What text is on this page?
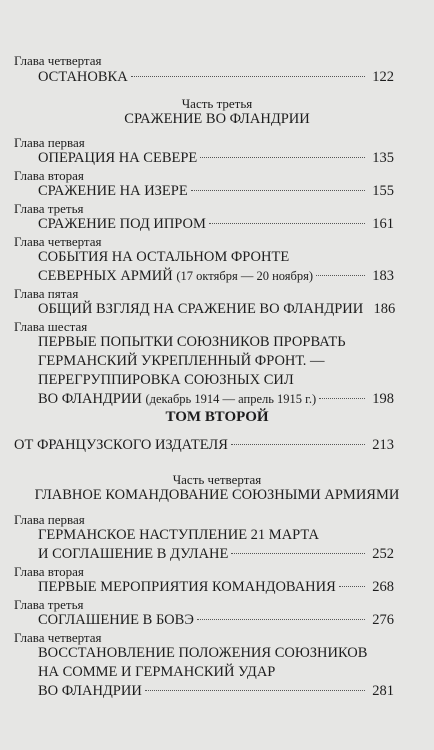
Глава четвертая
ОСТАНОВКА	122
Часть третья
СРАЖЕНИЕ ВО ФЛАНДРИИ
Глава первая
ОПЕРАЦИЯ НА СЕВЕРЕ	135
Глава вторая
СРАЖЕНИЕ НА ИЗЕРЕ	155
Глава третья
СРАЖЕНИЕ ПОД ИПРОМ	161
Глава четвертая
СОБЫТИЯ НА ОСТАЛЬНОМ ФРОНТЕ
СЕВЕРНЫХ АРМИЙ (17 октября — 20 ноября)	183
Глава пятая
ОБЩИЙ ВЗГЛЯД НА СРАЖЕНИЕ ВО ФЛАНДРИИ 186
Глава шестая
ПЕРВЫЕ ПОПЫТКИ СОЮЗНИКОВ ПРОРВАТЬ
ГЕРМАНСКИЙ УКРЕПЛЕННЫЙ ФРОНТ. —
ПЕРЕГРУППИРОВКА СОЮЗНЫХ СИЛ
ВО ФЛАНДРИИ (декабрь 1914 — апрель 1915 г.)	198
ТОМ ВТОРОЙ
ОТ ФРАНЦУЗСКОГО ИЗДАТЕЛЯ	213
Часть четвертая
ГЛАВНОЕ КОМАНДОВАНИЕ СОЮЗНЫМИ АРМИЯМИ
Глава первая
ГЕРМАНСКОЕ НАСТУПЛЕНИЕ 21 МАРТА
И СОГЛАШЕНИЕ В ДУЛАНЕ	252
Глава вторая
ПЕРВЫЕ МЕРОПРИЯТИЯ КОМАНДОВАНИЯ	268
Глава третья
СОГЛАШЕНИЕ В БОВЭ	276
Глава четвертая
ВОССТАНОВЛЕНИЕ ПОЛОЖЕНИЯ СОЮЗНИКОВ
НА СОММЕ И ГЕРМАНСКИЙ УДАР
ВО ФЛАНДРИИ	281
